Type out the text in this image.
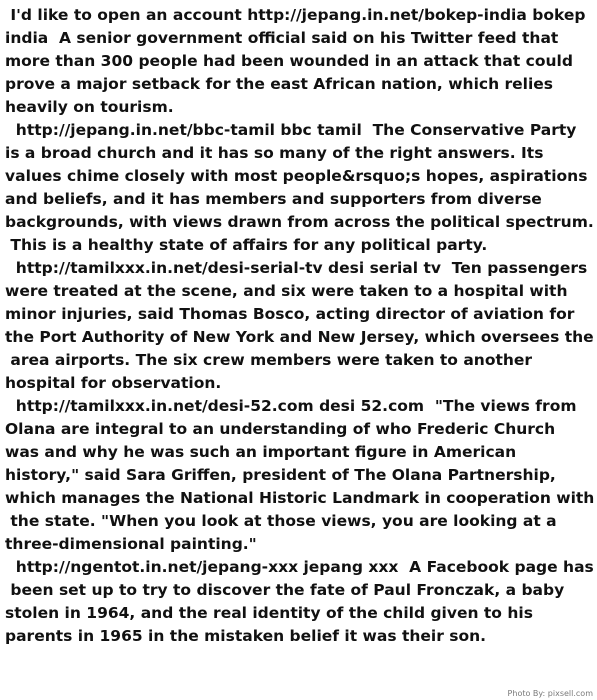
I'd like to open an account http://jepang.in.net/bokep-india bokep
india  A senior government official said on his Twitter feed that
more than 300 people had been wounded in an attack that could
prove a major setback for the east African nation, which relies
heavily on tourism.
http://jepang.in.net/bbc-tamil bbc tamil  The Conservative Party
is a broad church and it has so many of the right answers. Its
values chime closely with most people&rsquo;s hopes, aspirations
and beliefs, and it has members and supporters from diverse
backgrounds, with views drawn from across the political spectrum.
This is a healthy state of affairs for any political party.
http://tamilxxx.in.net/desi-serial-tv desi serial tv  Ten passengers
were treated at the scene, and six were taken to a hospital with
minor injuries, said Thomas Bosco, acting director of aviation for
the Port Authority of New York and New Jersey, which oversees the
area airports. The six crew members were taken to another
hospital for observation.
http://tamilxxx.in.net/desi-52.com desi 52.com  "The views from
Olana are integral to an understanding of who Frederic Church
was and why he was such an important figure in American
history," said Sara Griffen, president of The Olana Partnership,
which manages the National Historic Landmark in cooperation with
the state. "When you look at those views, you are looking at a
three-dimensional painting."
http://ngentot.in.net/jepang-xxx jepang xxx  A Facebook page has
been set up to try to discover the fate of Paul Fronczak, a baby
stolen in 1964, and the real identity of the child given to his
parents in 1965 in the mistaken belief it was their son.
Photo By: pixsell.com
